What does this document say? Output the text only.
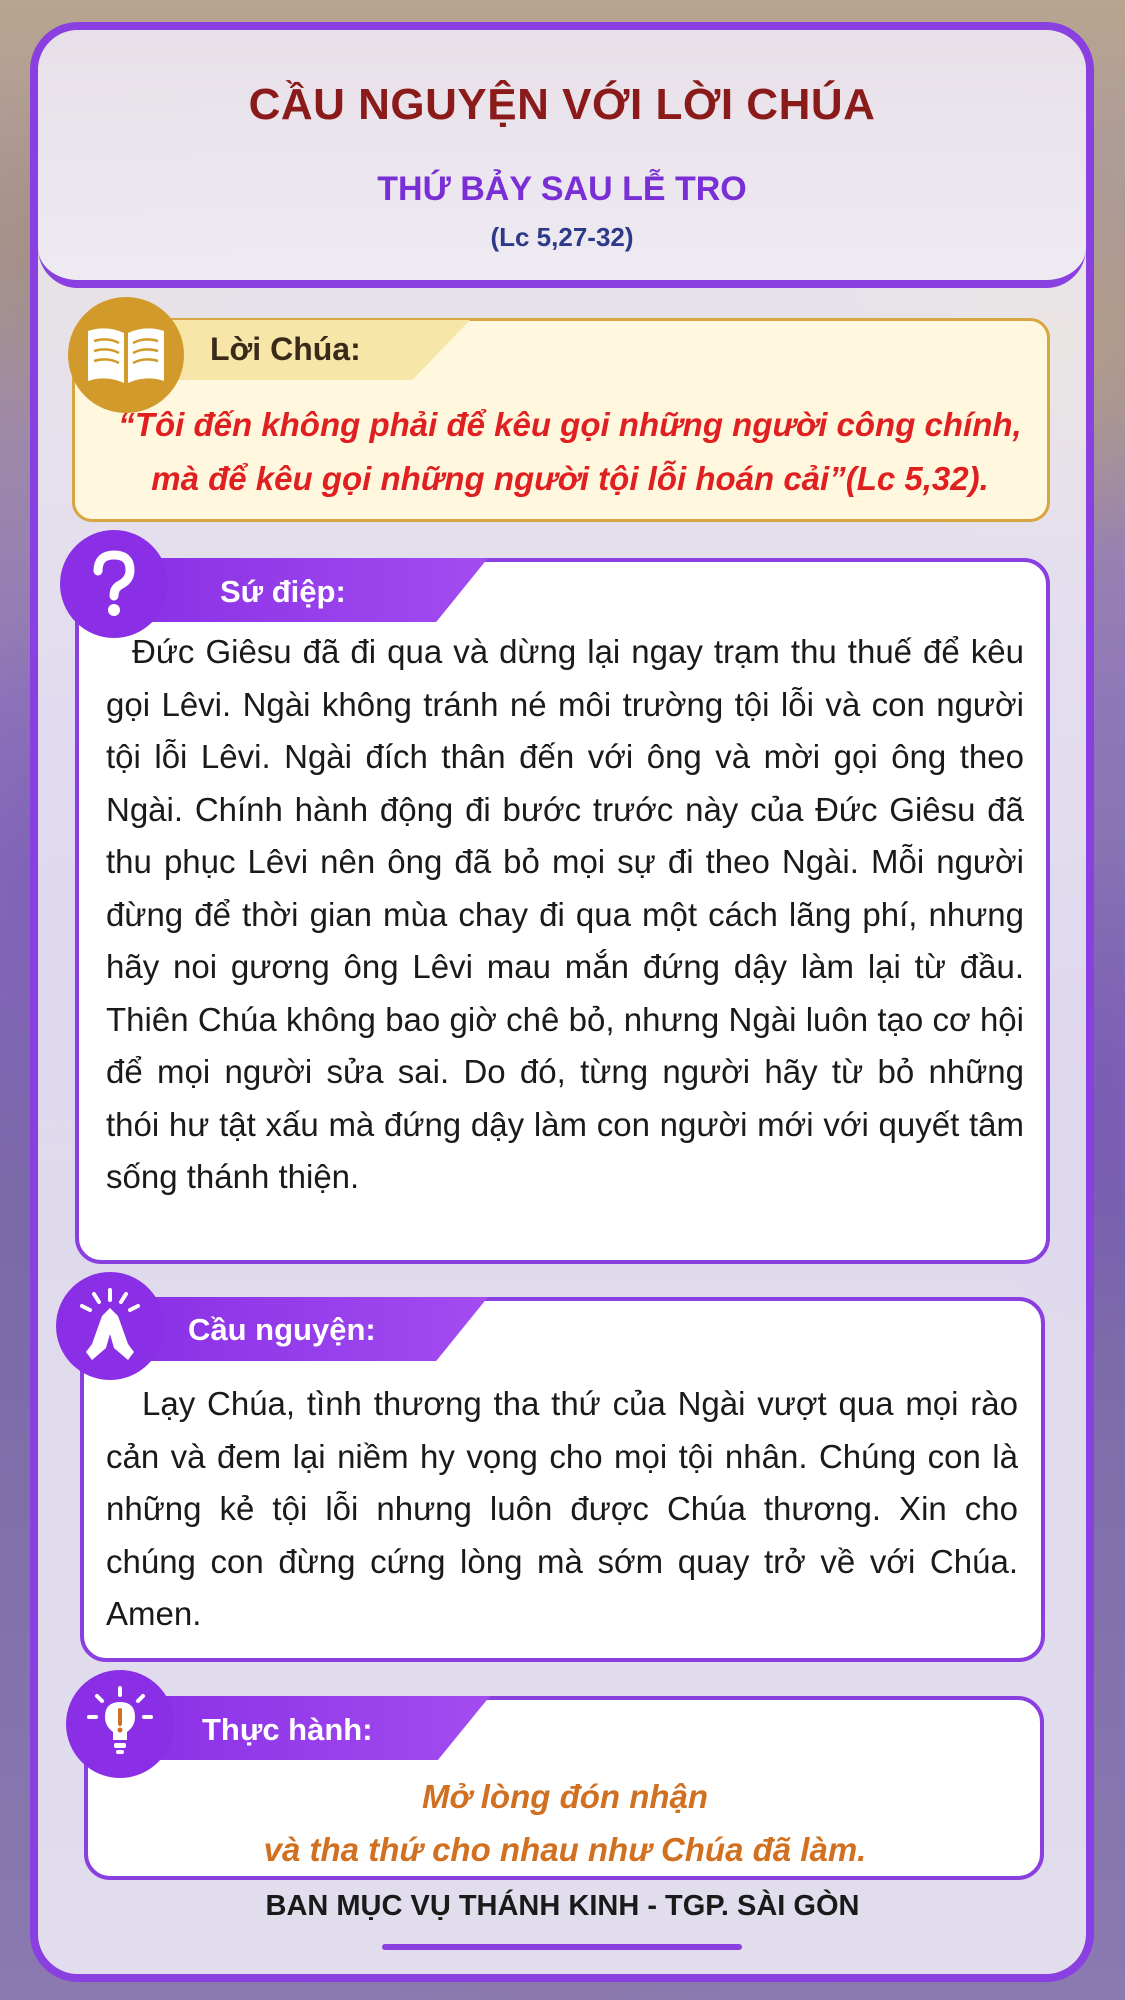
CẦU NGUYỆN VỚI LỜI CHÚA
THỨ BẢY SAU LỄ TRO
(Lc 5,27-32)
Lời Chúa:

“Tôi đến không phải để kêu gọi những người công chính,

mà để kêu gọi những người tội lỗi hoán cải”(Lc 5,32).

Sứ điệp:
Đức Giêsu đã đi qua và dừng lại ngay trạm thu thuế để kêu gọi Lêvi. Ngài không tránh né môi trường tội lỗi và con người tội lỗi Lêvi. Ngài đích thân đến với ông và mời gọi ông theo Ngài. Chính hành động đi bước trước này của Đức Giêsu đã thu phục Lêvi nên ông đã bỏ mọi sự đi theo Ngài. Mỗi người đừng để thời gian mùa chay đi qua một cách lãng phí, nhưng hãy noi gương ông Lêvi mau mắn đứng dậy làm lại từ đầu. Thiên Chúa không bao giờ chê bỏ, nhưng Ngài luôn tạo cơ hội để mọi người sửa sai. Do đó, từng người hãy từ bỏ những thói hư tật xấu mà đứng dậy làm con người mới với quyết tâm sống thánh thiện.
Cầu nguyện:
Lạy Chúa, tình thương tha thứ của Ngài vượt qua mọi rào cản và đem lại niềm hy vọng cho mọi tội nhân. Chúng con là những kẻ tội lỗi nhưng luôn được Chúa thương. Xin cho chúng con đừng cứng lòng mà sớm quay trở về với Chúa. Amen.
Thực hành:

Mở lòng đón nhận

và tha thứ cho nhau như Chúa đã làm.

BAN MỤC VỤ THÁNH KINH - TGP. SÀI GÒN
